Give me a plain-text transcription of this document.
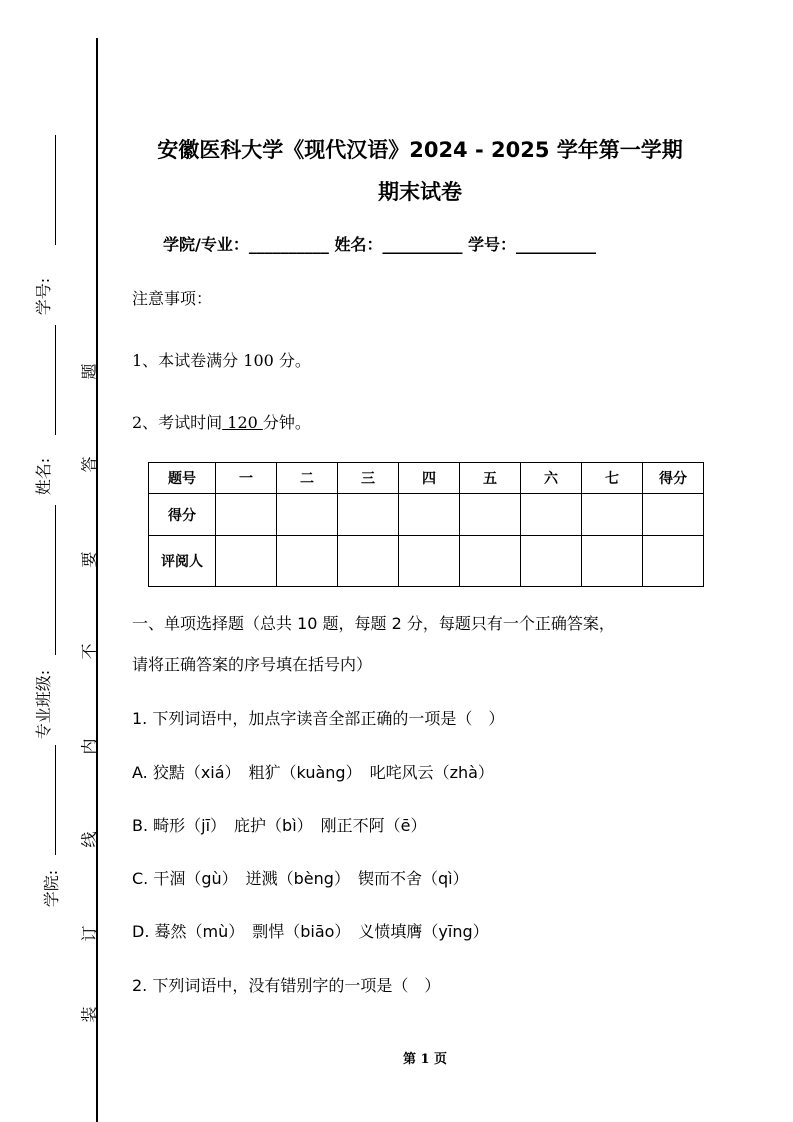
学号:
姓名:
专业班级:
学院:
题
答
要
不
内
线
订
装
安徽医科大学《现代汉语》2024 - 2025 学年第一学期
期末试卷
学院/专业：__________ 姓名：__________ 学号：__________
注意事项：
1、本试卷满分 100 分。
2、考试时间 120 分钟。
题号	一	二	三	四	五	六	七	得分
得分								
评阅人								
一、单项选择题（总共 10 题，每题 2 分，每题只有一个正确答案，
请将正确答案的序号填在括号内）
1. 下列词语中，加点字读音全部正确的一项是（　）
A. 狡黠（xiá）　粗犷（kuàng）　叱咤风云（zhà）
B. 畸形（jī）　庇护（bì）　刚正不阿（ē）
C. 干涸（gù）　迸溅（bèng）　锲而不舍（qì）
D. 蓦然（mù）　剽悍（biāo）　义愤填膺（yīng）
2. 下列词语中，没有错别字的一项是（　）
第 1 页
